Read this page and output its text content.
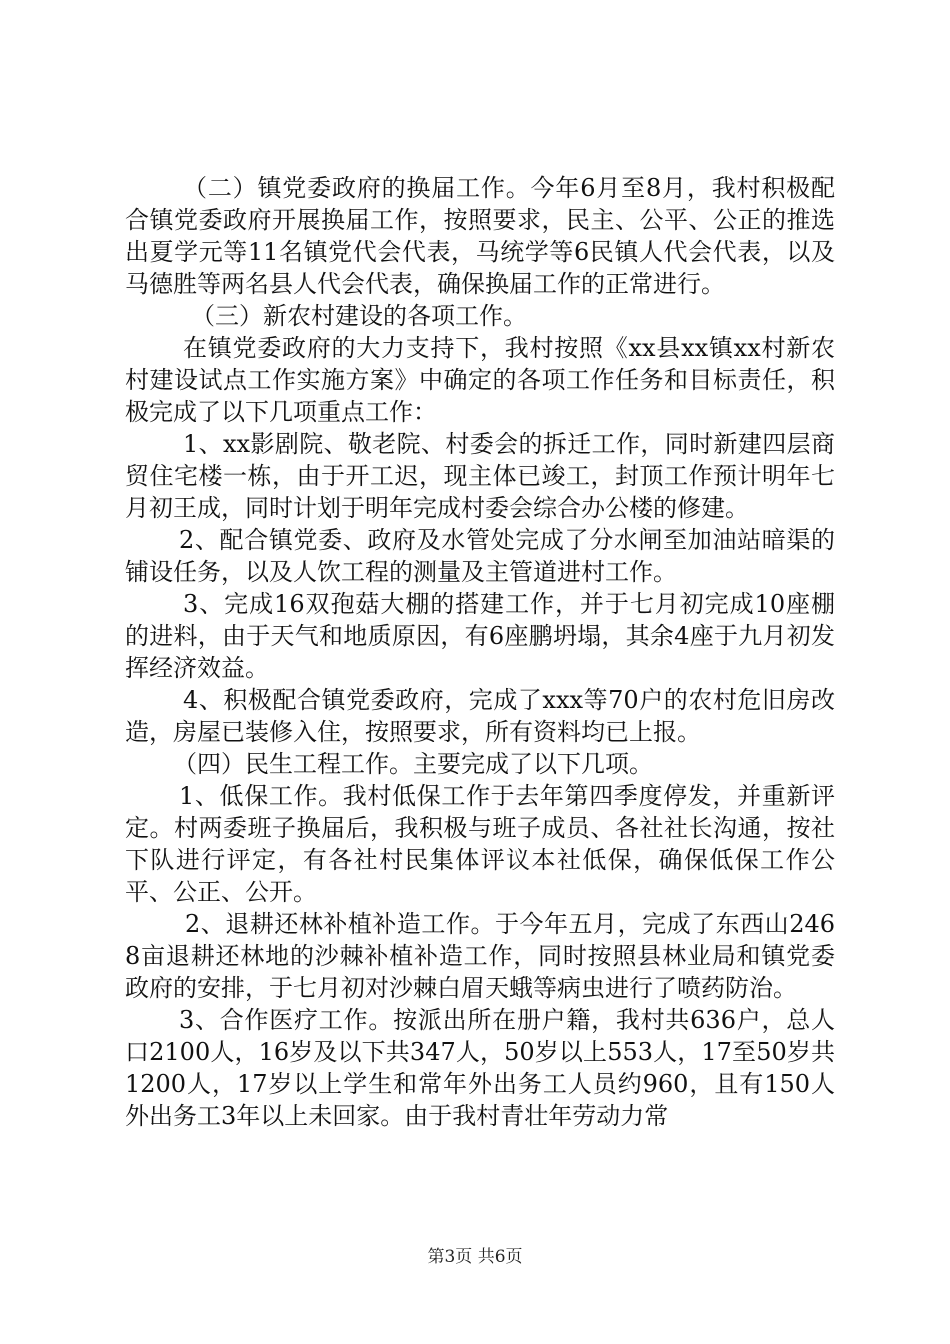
（二）镇党委政府的换届工作。今年6月至8月，我村积极配合镇党委政府开展换届工作，按照要求，民主、公平、公正的推选出夏学元等11名镇党代会代表，马统学等6民镇人代会代表，以及马德胜等两名县人代会代表，确保换届工作的正常进行。

（三）新农村建设的各项工作。

在镇党委政府的大力支持下，我村按照《xx县xx镇xx村新农村建设试点工作实施方案》中确定的各项工作任务和目标责任，积极完成了以下几项重点工作：

1、xx影剧院、敬老院、村委会的拆迁工作，同时新建四层商贸住宅楼一栋，由于开工迟，现主体已竣工，封顶工作预计明年七月初王成，同时计划于明年完成村委会综合办公楼的修建。

2、配合镇党委、政府及水管处完成了分水闸至加油站暗渠的铺设任务，以及人饮工程的测量及主管道进村工作。

3、完成16双孢菇大棚的搭建工作，并于七月初完成10座棚的进料，由于天气和地质原因，有6座鹏坍塌，其余4座于九月初发挥经济效益。

4、积极配合镇党委政府，完成了xxx等70户的农村危旧房改造，房屋已装修入住，按照要求，所有资料均已上报。

（四）民生工程工作。主要完成了以下几项。

1、低保工作。我村低保工作于去年第四季度停发，并重新评定。村两委班子换届后，我积极与班子成员、各社社长沟通，按社下队进行评定，有各社村民集体评议本社低保，确保低保工作公平、公正、公开。

2、退耕还林补植补造工作。于今年五月，完成了东西山2468亩退耕还林地的沙棘补植补造工作，同时按照县林业局和镇党委政府的安排，于七月初对沙棘白眉天蛾等病虫进行了喷药防治。

3、合作医疗工作。按派出所在册户籍，我村共636户，总人口2100人，16岁及以下共347人，50岁以上553人，17至50岁共1200人，17岁以上学生和常年外出务工人员约960，且有150人外出务工3年以上未回家。由于我村青壮年劳动力常

第3页 共6页
